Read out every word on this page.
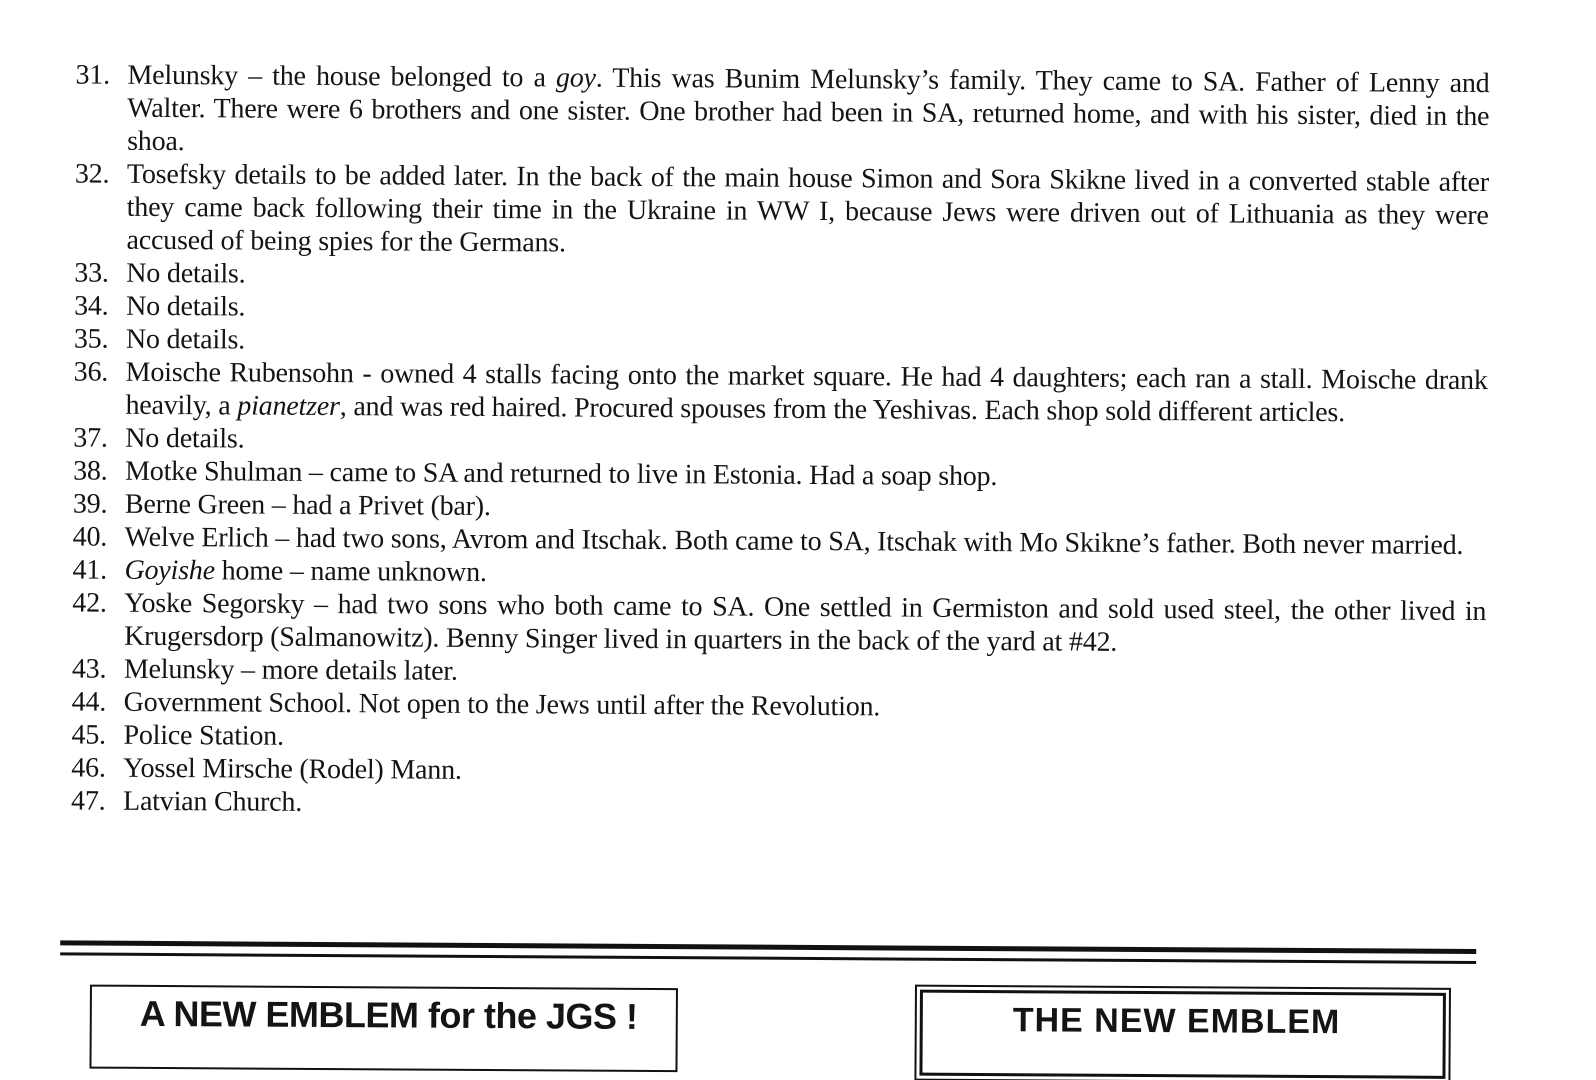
31. Melunsky – the house belonged to a goy. This was Bunim Melunsky’s family. They came to SA. Father of Lenny and Walter. There were 6 brothers and one sister. One brother had been in SA, returned home, and with his sister, died in the shoa.
32. Tosefsky details to be added later. In the back of the main house Simon and Sora Skikne lived in a converted stable after they came back following their time in the Ukraine in WW I, because Jews were driven out of Lithuania as they were accused of being spies for the Germans.
33. No details.
34. No details.
35. No details.
36. Moische Rubensohn - owned 4 stalls facing onto the market square. He had 4 daughters; each ran a stall. Moische drank heavily, a pianetzer, and was red haired. Procured spouses from the Yeshivas. Each shop sold different articles.
37. No details.
38. Motke Shulman – came to SA and returned to live in Estonia. Had a soap shop.
39. Berne Green – had a Privet (bar).
40. Welve Erlich – had two sons, Avrom and Itschak. Both came to SA, Itschak with Mo Skikne’s father. Both never married.
41. Goyishe home – name unknown.
42. Yoske Segorsky – had two sons who both came to SA. One settled in Germiston and sold used steel, the other lived in Krugersdorp (Salmanowitz). Benny Singer lived in quarters in the back of the yard at #42.
43. Melunsky – more details later.
44. Government School. Not open to the Jews until after the Revolution.
45. Police Station.
46. Yossel Mirsche (Rodel) Mann.
47. Latvian Church.
A NEW EMBLEM for the JGS !	THE NEW EMBLEM
